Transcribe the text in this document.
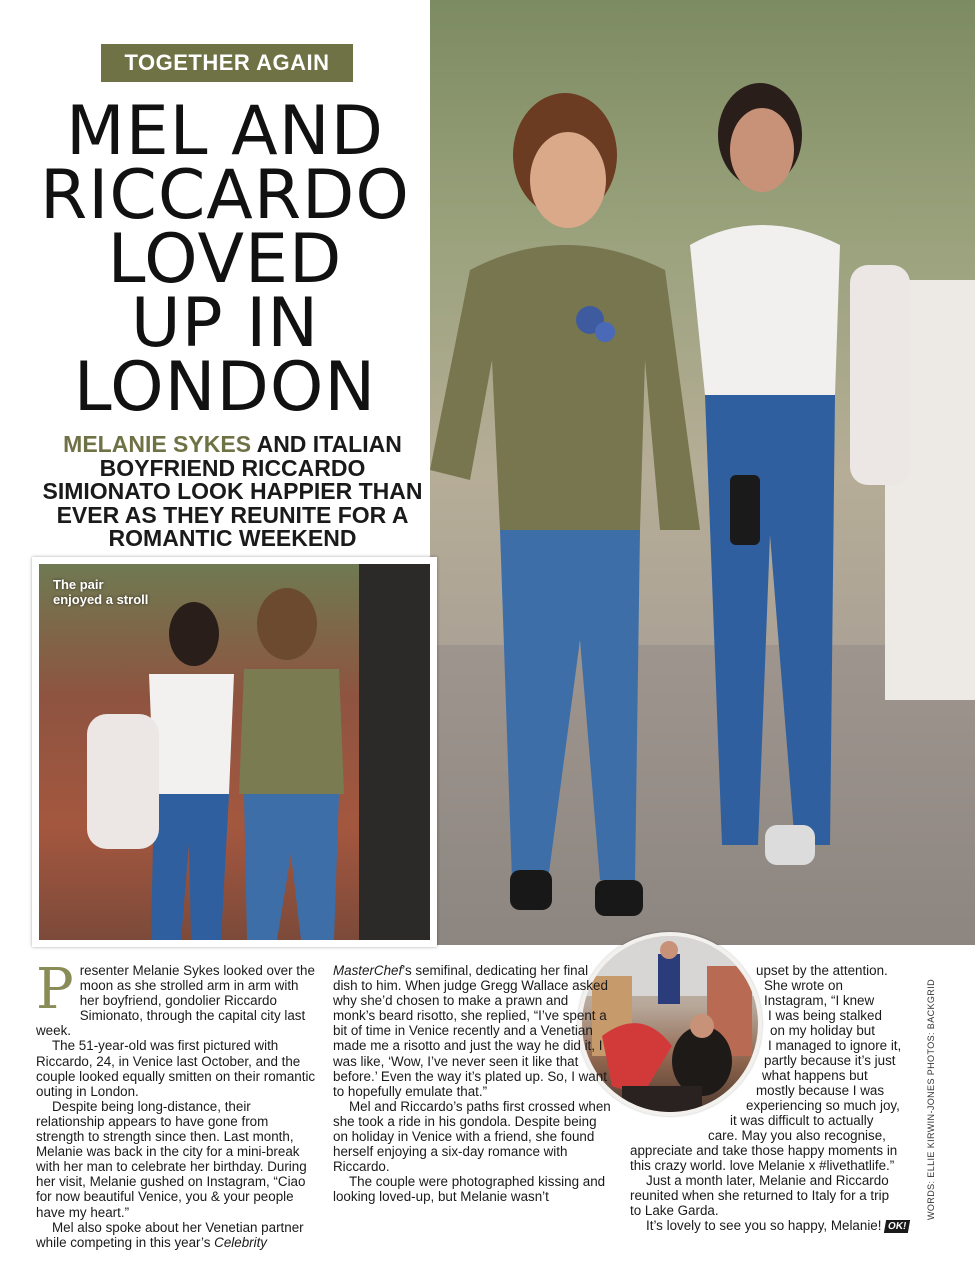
TOGETHER AGAIN
MEL AND
RICCARDO
LOVED
UP IN
LONDON
MELANIE SYKES AND ITALIAN BOYFRIEND RICCARDO SIMIONATO LOOK HAPPIER THAN EVER AS THEY REUNITE FOR A ROMANTIC WEEKEND
The pair enjoyed a stroll
P resenter Melanie Sykes looked over the moon as she strolled arm in arm with her boyfriend, gondolier Riccardo Simionato, through the capital city last week.

The 51-year-old was first pictured with Riccardo, 24, in Venice last October, and the couple looked equally smitten on their romantic outing in London.

Despite being long-distance, their relationship appears to have gone from strength to strength since then. Last month, Melanie was back in the city for a mini-break with her man to celebrate her birthday. During her visit, Melanie gushed on Instagram, “Ciao for now beautiful Venice, you & your people have my heart.”

Mel also spoke about her Venetian partner while competing in this year’s Celebrity

MasterChef’s semifinal, dedicating her final dish to him. When judge Gregg Wallace asked why she’d chosen to make a prawn and monk’s beard risotto, she replied, “I’ve spent a bit of time in Venice recently and a Venetian made me a risotto and just the way he did it, I was like, ‘Wow, I’ve never seen it like that before.’ Even the way it’s plated up. So, I want to hopefully emulate that.”

Mel and Riccardo’s paths first crossed when she took a ride in his gondola. Despite being on holiday in Venice with a friend, she found herself enjoying a six-day romance with Riccardo.

The couple were photographed kissing and looking loved-up, but Melanie wasn’t

upset by the attention.
She wrote on
Instagram, “I knew
I was being stalked
on my holiday but
I managed to ignore it,
partly because it’s just
what happens but
mostly because I was
experiencing so much joy,
it was difficult to actually
care. May you also recognise,
appreciate and take those happy moments in
this crazy world. love Melanie x #livethatlife.”
Just a month later, Melanie and Riccardo
reunited when she returned to Italy for a trip
to Lake Garda.
It’s lovely to see you so happy, Melanie! OK!
WORDS: ELLIE KIRWIN-JONES PHOTOS: BACKGRID
